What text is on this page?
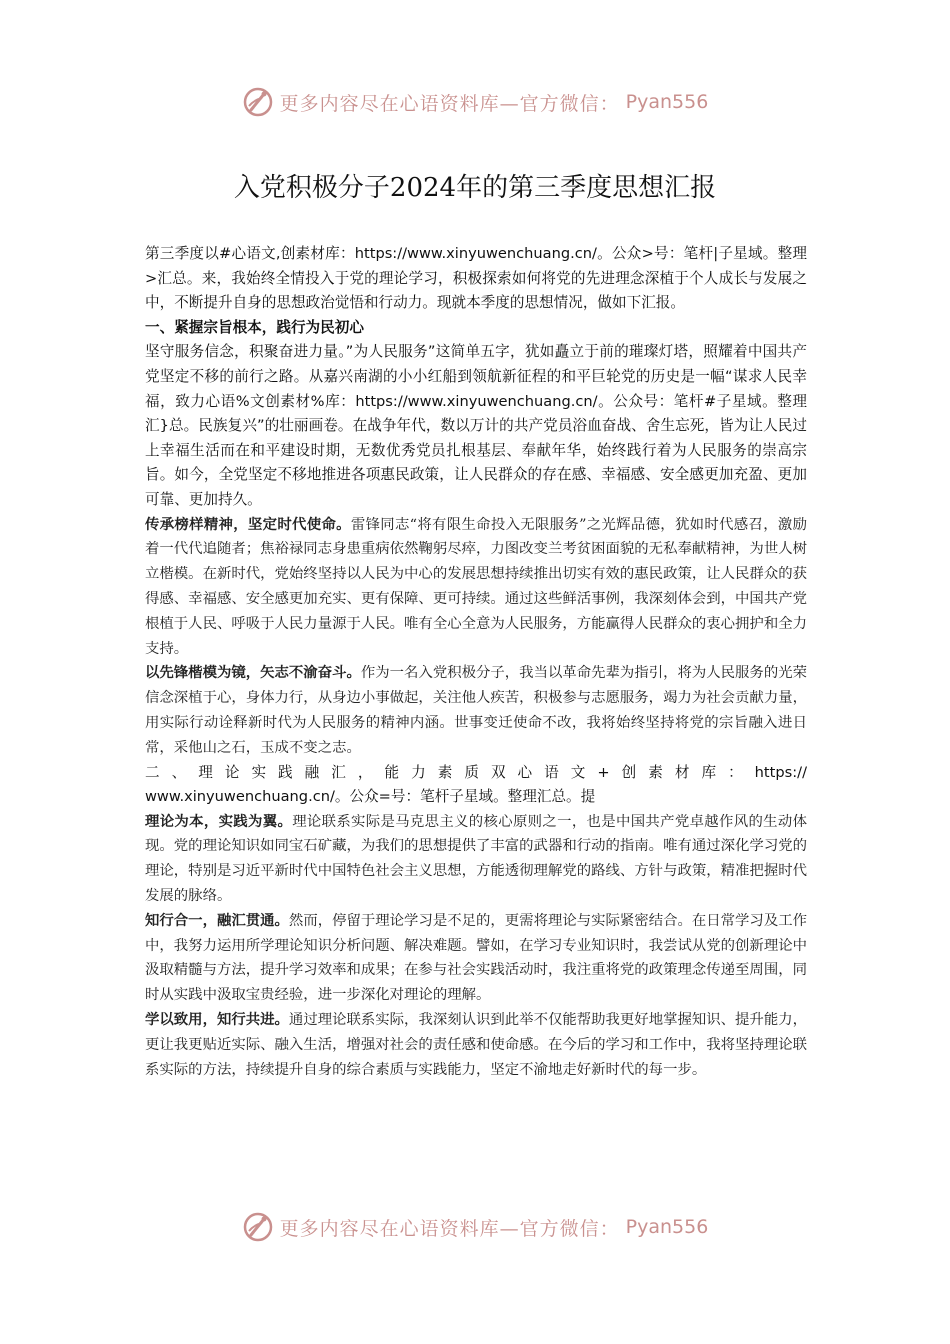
更多内容尽在心语资料库—官方微信： Pyan556
入党积极分子2024年的第三季度思想汇报

第三季度以#心语文,创素材库：https://www.xinyuwenchuang.cn/。公众>号：笔杆|子星域。整理>汇总。来，我始终全情投入于党的理论学习，积极探索如何将党的先进理念深植于个人成长与发展之中，不断提升自身的思想政治觉悟和行动力。现就本季度的思想情况，做如下汇报。

一、紧握宗旨根本，践行为民初心

坚守服务信念，积聚奋进力量。”为人民服务”这简单五字，犹如矗立于前的璀璨灯塔，照耀着中国共产党坚定不移的前行之路。从嘉兴南湖的小小红船到领航新征程的和平巨轮党的历史是一幅“谋求人民幸福，致力心语%文创素材%库：https://www.xinyuwenchuang.cn/。公众号：笔杆#子星域。整理汇}总。民族复兴”的壮丽画卷。在战争年代，数以万计的共产党员浴血奋战、舍生忘死，皆为让人民过上幸福生活而在和平建设时期，无数优秀党员扎根基层、奉献年华，始终践行着为人民服务的崇高宗旨。如今，全党坚定不移地推进各项惠民政策，让人民群众的存在感、幸福感、安全感更加充盈、更加可靠、更加持久。

传承榜样精神，坚定时代使命。雷锋同志“将有限生命投入无限服务”之光辉品德，犹如时代感召，激励着一代代追随者；焦裕禄同志身患重病依然鞠躬尽瘁，力图改变兰考贫困面貌的无私奉献精神，为世人树立楷模。在新时代，党始终坚持以人民为中心的发展思想持续推出切实有效的惠民政策，让人民群众的获得感、幸福感、安全感更加充实、更有保障、更可持续。通过这些鲜活事例，我深刻体会到，中国共产党根植于人民、呼吸于人民力量源于人民。唯有全心全意为人民服务，方能赢得人民群众的衷心拥护和全力支持。

以先锋楷模为镜，矢志不渝奋斗。作为一名入党积极分子，我当以革命先辈为指引，将为人民服务的光荣信念深植于心，身体力行，从身边小事做起，关注他人疾苦，积极参与志愿服务，竭力为社会贡献力量，用实际行动诠释新时代为人民服务的精神内涵。世事变迁使命不改，我将始终坚持将党的宗旨融入进日常，采他山之石，玉成不变之志。

二、理论实践融汇，能力素质双心语文+创素材库：https://

www.xinyuwenchuang.cn/。公众=号：笔杆子星域。整理汇总。提

理论为本，实践为翼。理论联系实际是马克思主义的核心原则之一，也是中国共产党卓越作风的生动体现。党的理论知识如同宝石矿藏，为我们的思想提供了丰富的武器和行动的指南。唯有通过深化学习党的理论，特别是习近平新时代中国特色社会主义思想，方能透彻理解党的路线、方针与政策，精准把握时代发展的脉络。

知行合一，融汇贯通。然而，停留于理论学习是不足的，更需将理论与实际紧密结合。在日常学习及工作中，我努力运用所学理论知识分析问题、解决难题。譬如，在学习专业知识时，我尝试从党的创新理论中汲取精髓与方法，提升学习效率和成果；在参与社会实践活动时，我注重将党的政策理念传递至周围，同时从实践中汲取宝贵经验，进一步深化对理论的理解。

学以致用，知行共进。通过理论联系实际，我深刻认识到此举不仅能帮助我更好地掌握知识、提升能力，更让我更贴近实际、融入生活，增强对社会的责任感和使命感。在今后的学习和工作中，我将坚持理论联系实际的方法，持续提升自身的综合素质与实践能力，坚定不渝地走好新时代的每一步。

更多内容尽在心语资料库—官方微信： Pyan556
